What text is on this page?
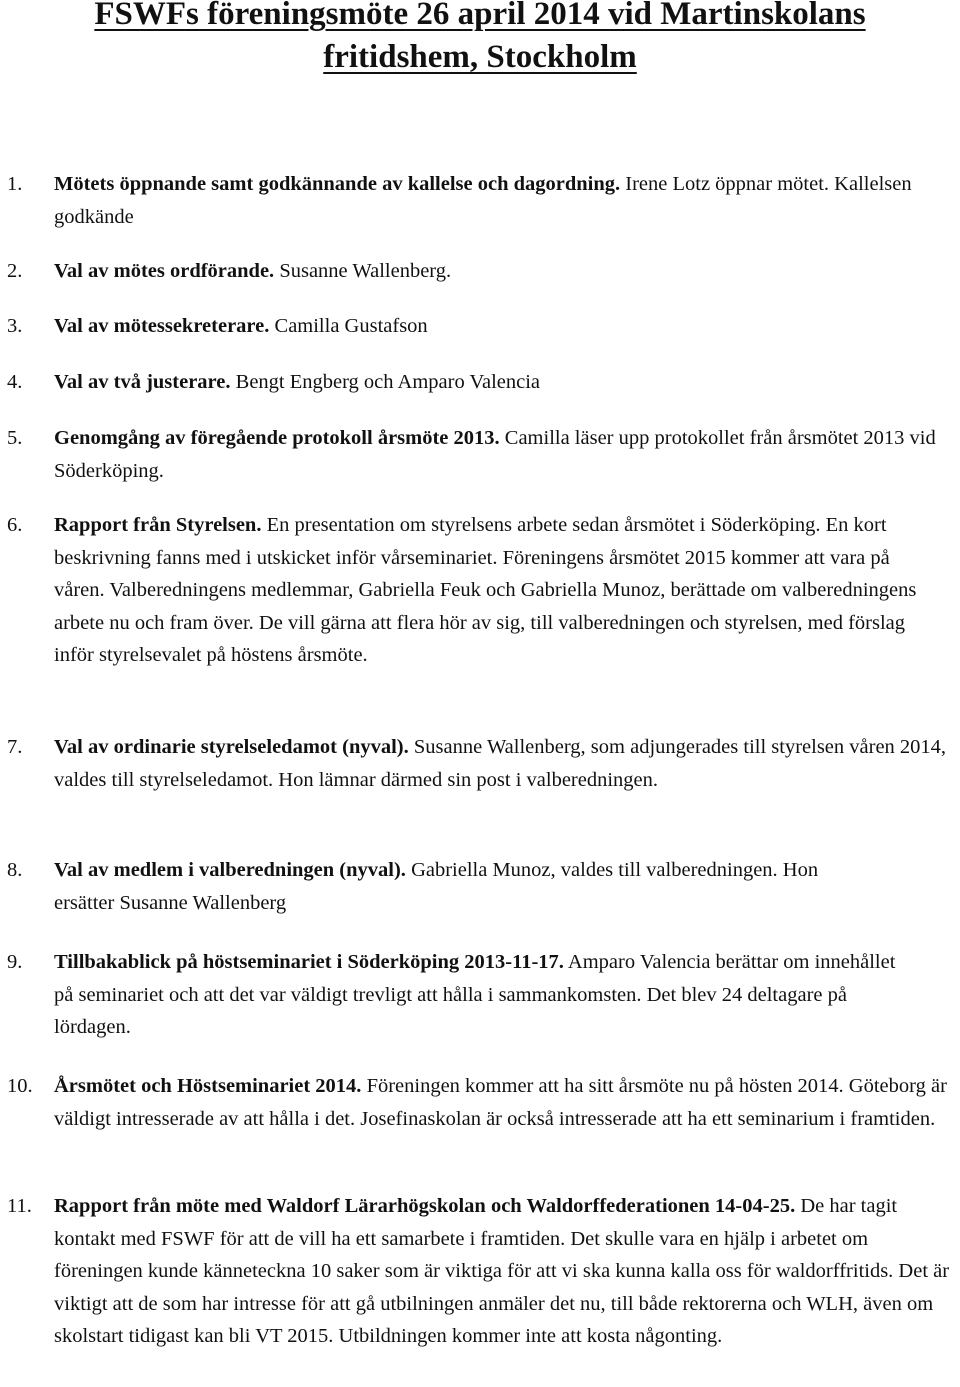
FSWFs föreningsmöte 26 april 2014 vid Martinskolans
fritidshem, Stockholm
1. Mötets öppnande samt godkännande av kallelse och dagordning. Irene Lotz öppnar mötet. Kallelsen godkände
2. Val av mötes ordförande. Susanne Wallenberg.
3. Val av mötessekreterare. Camilla Gustafson
4. Val av två justerare. Bengt Engberg och Amparo Valencia
5. Genomgång av föregående protokoll årsmöte 2013. Camilla läser upp protokollet från årsmötet 2013 vid Söderköping.
6. Rapport från Styrelsen. En presentation om styrelsens arbete sedan årsmötet i Söderköping. En kort beskrivning fanns med i utskicket inför vårseminariet. Föreningens årsmötet 2015 kommer att vara på våren. Valberedningens medlemmar, Gabriella Feuk och Gabriella Munoz, berättade om valberedningens arbete nu och fram över. De vill gärna att flera hör av sig, till valberedningen och styrelsen, med förslag inför styrelsevalet på höstens årsmöte.
7. Val av ordinarie styrelseledamot (nyval). Susanne Wallenberg, som adjungerades till styrelsen våren 2014, valdes till styrelseledamot. Hon lämnar därmed sin post i valberedningen.
8. Val av medlem i valberedningen (nyval). Gabriella Munoz, valdes till valberedningen. Hon ersätter Susanne Wallenberg
9. Tillbakablick på höstseminariet i Söderköping 2013-11-17. Amparo Valencia berättar om innehållet på seminariet och att det var väldigt trevligt att hålla i sammankomsten. Det blev 24 deltagare på lördagen.
10. Årsmötet och Höstseminariet 2014. Föreningen kommer att ha sitt årsmöte nu på hösten 2014. Göteborg är väldigt intresserade av att hålla i det. Josefinaskolan är också intresserade att ha ett seminarium i framtiden.
11. Rapport från möte med Waldorf Lärarhögskolan och Waldorffederationen 14-04-25. De har tagit kontakt med FSWF för att de vill ha ett samarbete i framtiden. Det skulle vara en hjälp i arbetet om föreningen kunde känneteckna 10 saker som är viktiga för att vi ska kunna kalla oss för waldorffritids. Det är viktigt att de som har intresse för att gå utbilningen anmäler det nu, till både rektorerna och WLH, även om skolstart tidigast kan bli VT 2015. Utbildningen kommer inte att kosta någonting.
